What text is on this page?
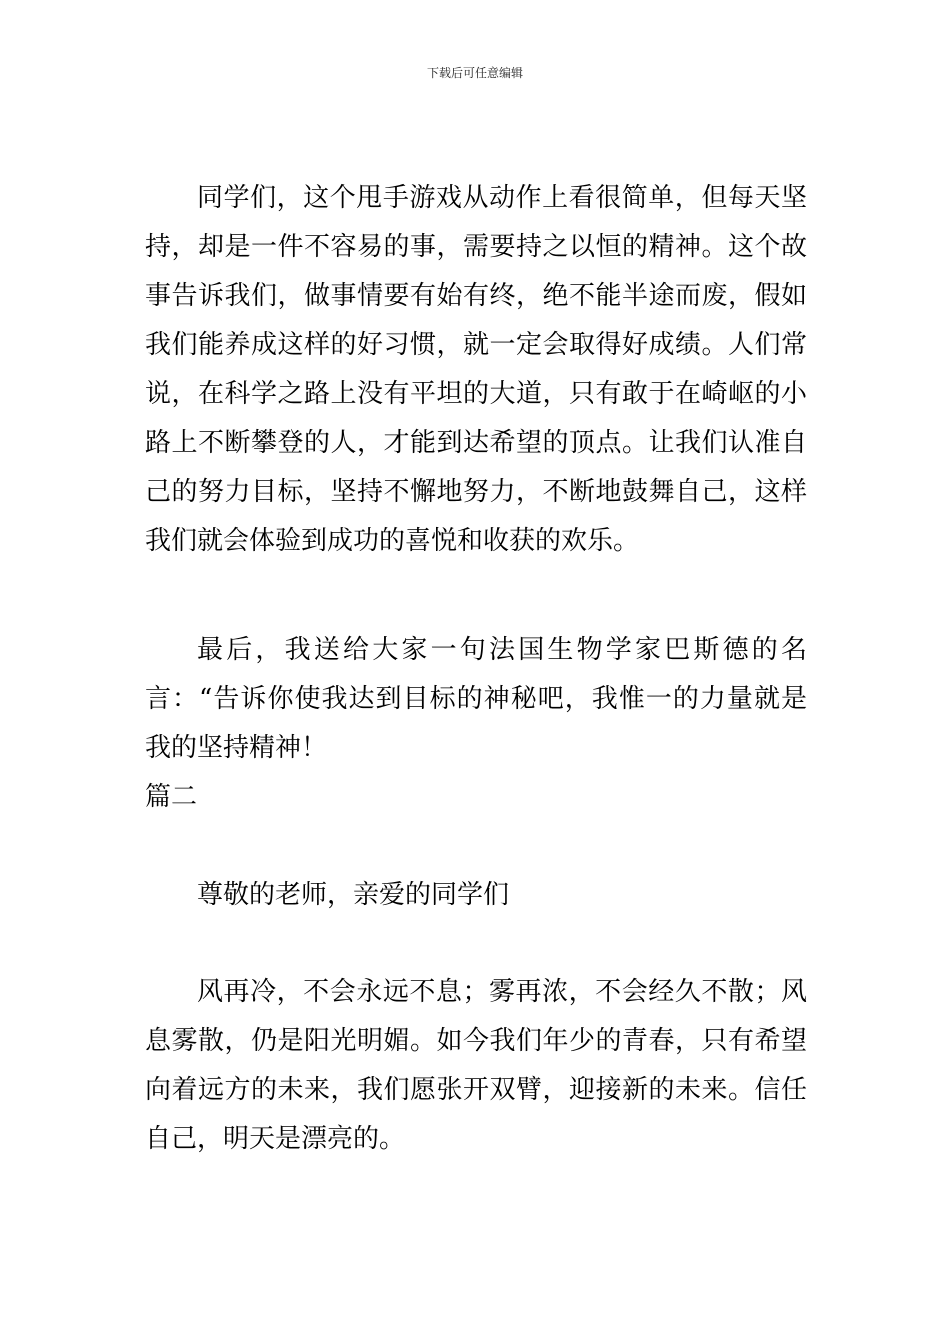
下载后可任意编辑

同学们，这个甩手游戏从动作上看很简单，但每天坚持，却是一件不容易的事，需要持之以恒的精神。这个故事告诉我们，做事情要有始有终，绝不能半途而废，假如我们能养成这样的好习惯，就一定会取得好成绩。人们常说，在科学之路上没有平坦的大道，只有敢于在崎岖的小路上不断攀登的人，才能到达希望的顶点。让我们认准自己的努力目标，坚持不懈地努力，不断地鼓舞自己，这样我们就会体验到成功的喜悦和收获的欢乐。

最后，我送给大家一句法国生物学家巴斯德的名言：“告诉你使我达到目标的神秘吧，我惟一的力量就是我的坚持精神！

篇二

尊敬的老师，亲爱的同学们

风再冷，不会永远不息；雾再浓，不会经久不散；风息雾散，仍是阳光明媚。如今我们年少的青春，只有希望向着远方的未来，我们愿张开双臂，迎接新的未来。信任自己，明天是漂亮的。
